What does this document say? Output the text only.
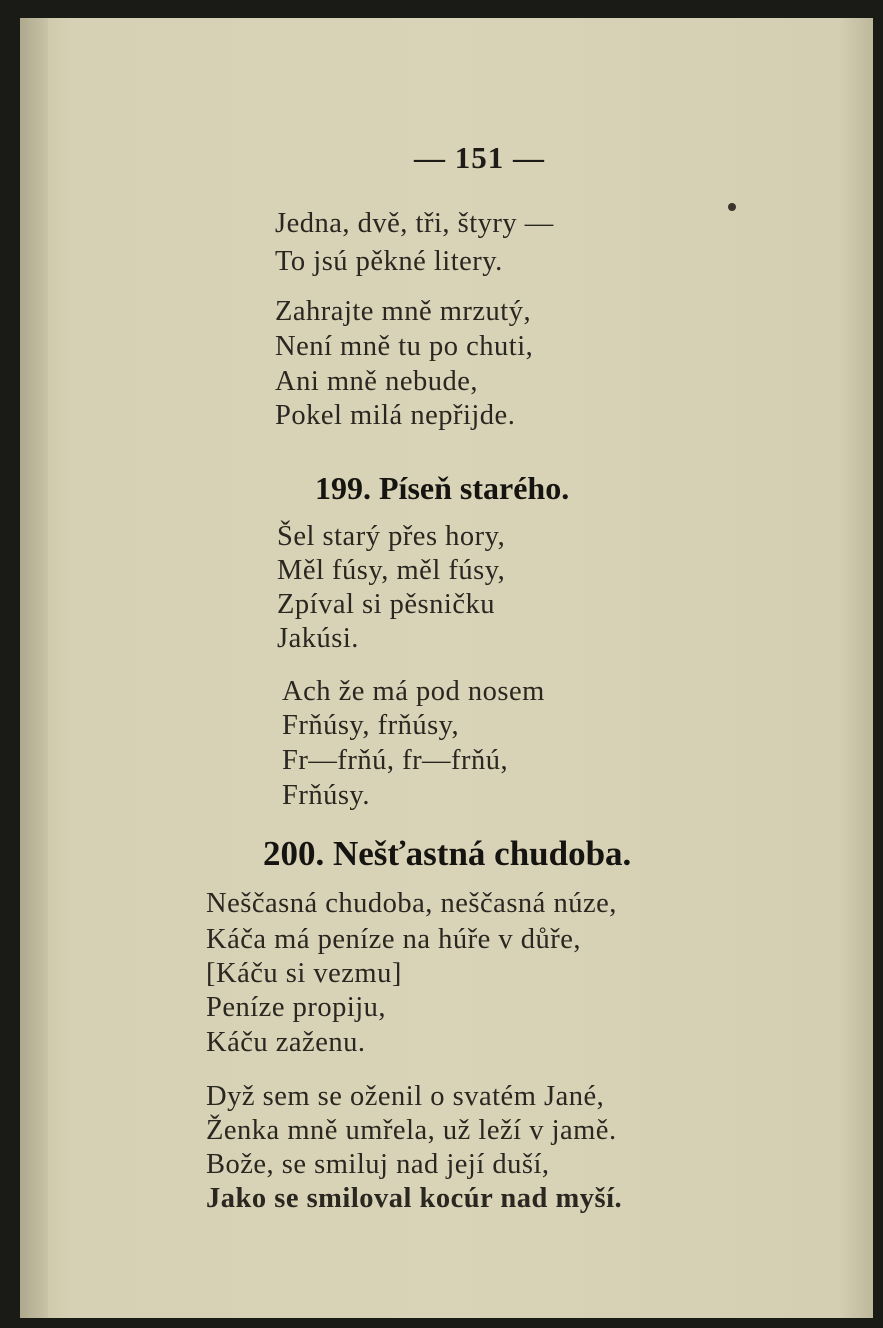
— 151 —
Jedna, dvě, tři, štyry —
To jsú pěkné litery.
Zahrajte mně mrzutý,
Není mně tu po chuti,
Ani mně nebude,
Pokel milá nepřijde.
199. Píseň starého.
Šel starý přes hory,
Měl fúsy, měl fúsy,
Zpíval si pěsničku
Jakúsi.
Ach že má pod nosem
Frňúsy, frňúsy,
Fr—frňú, fr—frňú,
Frňúsy.
200. Nešťastná chudoba.
Neščasná chudoba, neščasná núze,
Káča má peníze na húře v důře,
[Káču si vezmu]
Peníze propiju,
Káču zaženu.
Dyž sem se oženil o svatém Jané,
Ženka mně umřela, už leží v jamě.
Bože, se smiluj nad její duší,
Jako se smiloval kocúr nad myší.
